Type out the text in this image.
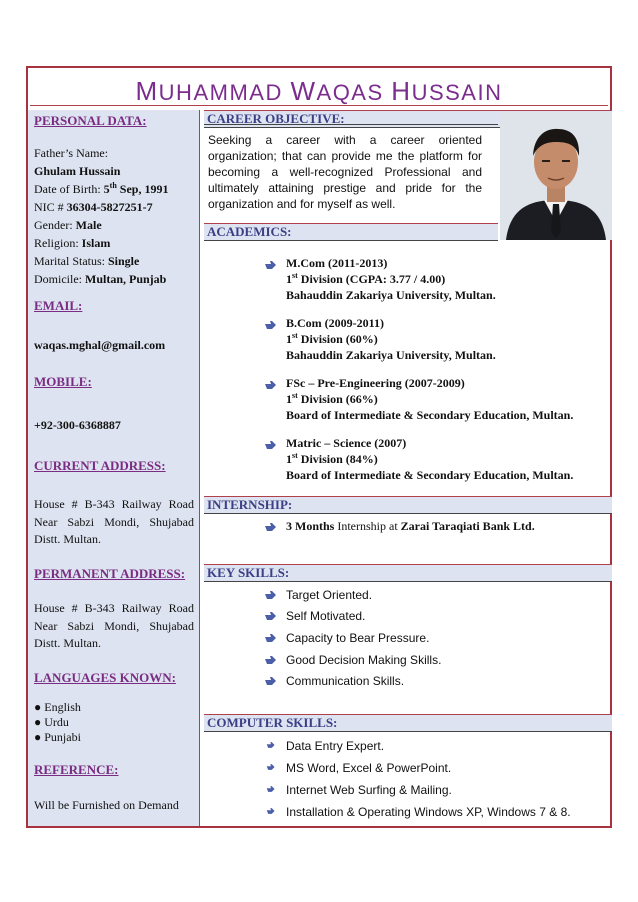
MUHAMMAD WAQAS HUSSAIN
PERSONAL DATA:
Father’s Name:
Ghulam Hussain
Date of Birth: 5th Sep, 1991
NIC # 36304-5827251-7
Gender: Male
Religion: Islam
Marital Status: Single
Domicile: Multan, Punjab
EMAIL:
waqas.mghal@gmail.com
MOBILE:
+92-300-6368887
CURRENT ADDRESS:
House # B-343 Railway Road Near Sabzi Mondi, Shujabad Distt. Multan.
PERMANENT ADDRESS:
House # B-343 Railway Road Near Sabzi Mondi, Shujabad Distt. Multan.
LANGUAGES KNOWN:
● English
● Urdu
● Punjabi
REFERENCE:
Will be Furnished on Demand
CAREER OBJECTIVE:
Seeking a career with a career oriented organization; that can provide me the platform for becoming a well-recognized Professional and ultimately attaining prestige and pride for the organization and for myself as well.
ACADEMICS:
M.Com (2011-2013)
1st Division (CGPA: 3.77 / 4.00)
Bahauddin Zakariya University, Multan.
B.Com (2009-2011)
1st Division (60%)
Bahauddin Zakariya University, Multan.
FSc – Pre-Engineering (2007-2009)
1st Division (66%)
Board of Intermediate & Secondary Education, Multan.
Matric – Science (2007)
1st Division (84%)
Board of Intermediate & Secondary Education, Multan.
INTERNSHIP:
3 Months Internship at Zarai Taraqiati Bank Ltd.
KEY SKILLS:
Target Oriented.
Self Motivated.
Capacity to Bear Pressure.
Good Decision Making Skills.
Communication Skills.
COMPUTER SKILLS:
Data Entry Expert.
MS Word, Excel & PowerPoint.
Internet Web Surfing & Mailing.
Installation & Operating Windows XP, Windows 7 & 8.
